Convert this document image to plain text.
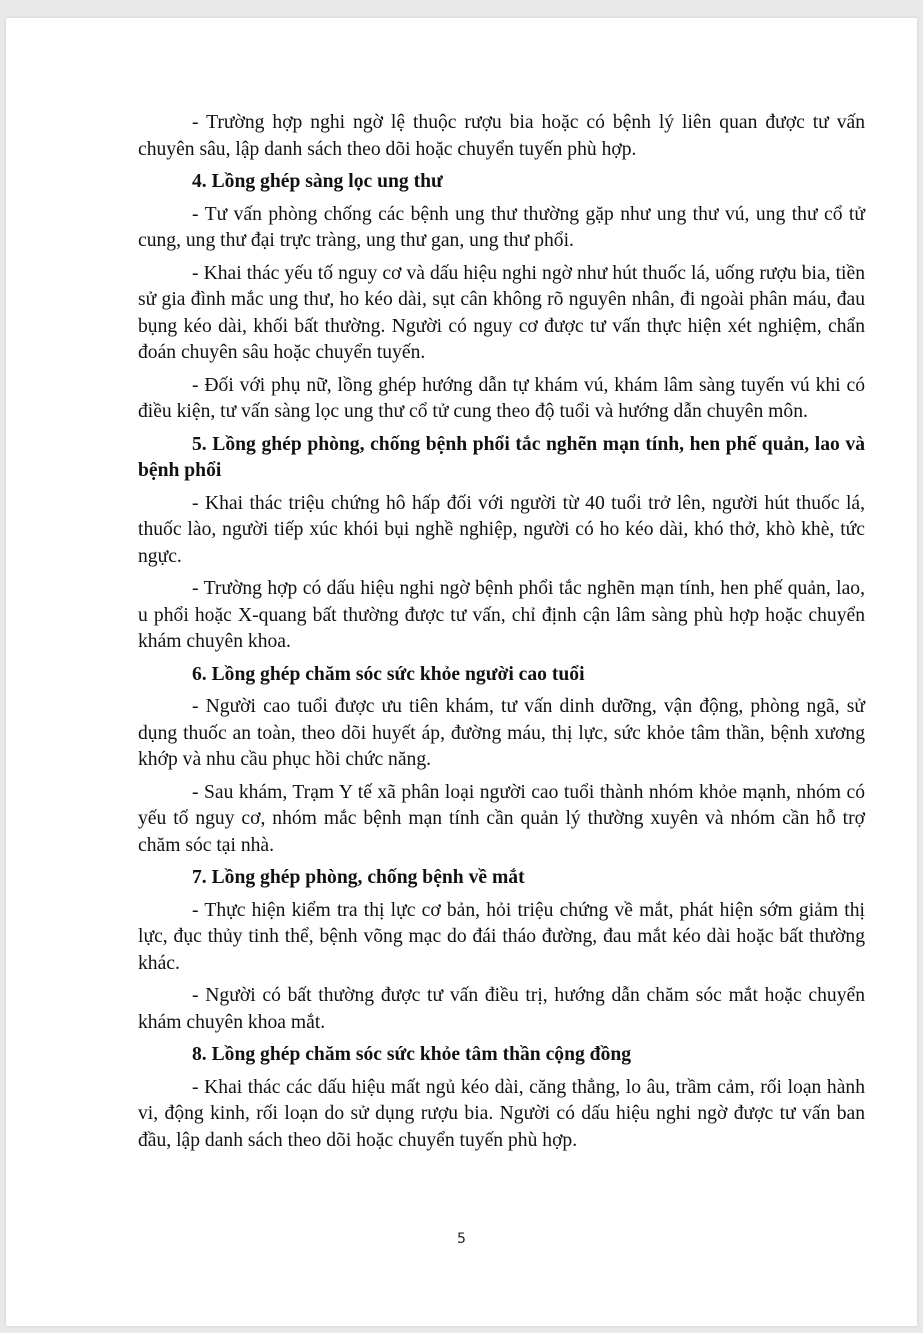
- Trường hợp nghi ngờ lệ thuộc rượu bia hoặc có bệnh lý liên quan được tư vấn chuyên sâu, lập danh sách theo dõi hoặc chuyển tuyến phù hợp.

4. Lồng ghép sàng lọc ung thư

- Tư vấn phòng chống các bệnh ung thư thường gặp như ung thư vú, ung thư cổ tử cung, ung thư đại trực tràng, ung thư gan, ung thư phổi.

- Khai thác yếu tố nguy cơ và dấu hiệu nghi ngờ như hút thuốc lá, uống rượu bia, tiền sử gia đình mắc ung thư, ho kéo dài, sụt cân không rõ nguyên nhân, đi ngoài phân máu, đau bụng kéo dài, khối bất thường. Người có nguy cơ được tư vấn thực hiện xét nghiệm, chẩn đoán chuyên sâu hoặc chuyển tuyến.

- Đối với phụ nữ, lồng ghép hướng dẫn tự khám vú, khám lâm sàng tuyến vú khi có điều kiện, tư vấn sàng lọc ung thư cổ tử cung theo độ tuổi và hướng dẫn chuyên môn.

5. Lồng ghép phòng, chống bệnh phổi tắc nghẽn mạn tính, hen phế quản, lao và bệnh phổi

- Khai thác triệu chứng hô hấp đối với người từ 40 tuổi trở lên, người hút thuốc lá, thuốc lào, người tiếp xúc khói bụi nghề nghiệp, người có ho kéo dài, khó thở, khò khè, tức ngực.

- Trường hợp có dấu hiệu nghi ngờ bệnh phổi tắc nghẽn mạn tính, hen phế quản, lao, u phổi hoặc X-quang bất thường được tư vấn, chỉ định cận lâm sàng phù hợp hoặc chuyển khám chuyên khoa.

6. Lồng ghép chăm sóc sức khỏe người cao tuổi

- Người cao tuổi được ưu tiên khám, tư vấn dinh dưỡng, vận động, phòng ngã, sử dụng thuốc an toàn, theo dõi huyết áp, đường máu, thị lực, sức khỏe tâm thần, bệnh xương khớp và nhu cầu phục hồi chức năng.

- Sau khám, Trạm Y tế xã phân loại người cao tuổi thành nhóm khỏe mạnh, nhóm có yếu tố nguy cơ, nhóm mắc bệnh mạn tính cần quản lý thường xuyên và nhóm cần hỗ trợ chăm sóc tại nhà.

7. Lồng ghép phòng, chống bệnh về mắt

- Thực hiện kiểm tra thị lực cơ bản, hỏi triệu chứng về mắt, phát hiện sớm giảm thị lực, đục thủy tinh thể, bệnh võng mạc do đái tháo đường, đau mắt kéo dài hoặc bất thường khác.

- Người có bất thường được tư vấn điều trị, hướng dẫn chăm sóc mắt hoặc chuyển khám chuyên khoa mắt.

8. Lồng ghép chăm sóc sức khỏe tâm thần cộng đồng

- Khai thác các dấu hiệu mất ngủ kéo dài, căng thẳng, lo âu, trầm cảm, rối loạn hành vi, động kinh, rối loạn do sử dụng rượu bia. Người có dấu hiệu nghi ngờ được tư vấn ban đầu, lập danh sách theo dõi hoặc chuyển tuyến phù hợp.

5
